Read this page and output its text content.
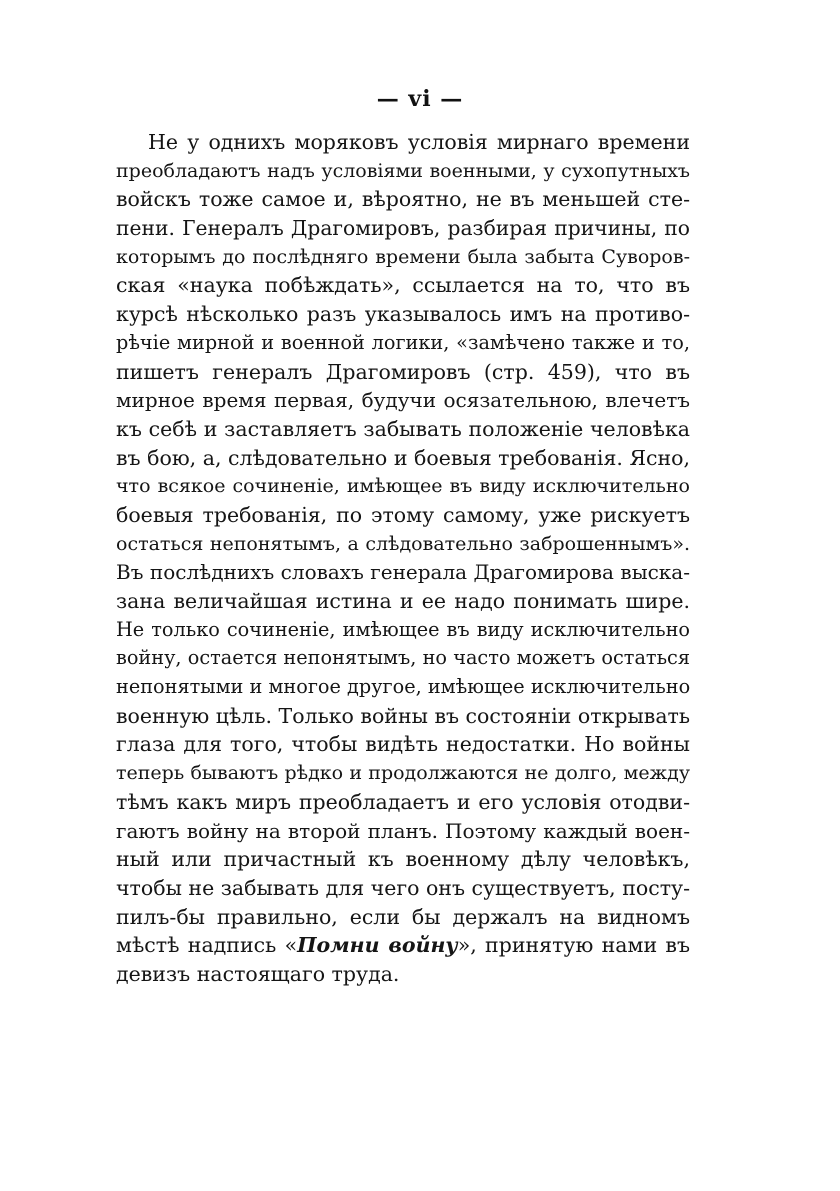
— vi —
Не у однихъ моряковъ условія мирнаго времени
преобладаютъ надъ условіями военными, у сухопутныхъ
войскъ тоже самое и, вѣроятно, не въ меньшей сте-
пени. Генералъ Драгомировъ, разбирая причины, по
которымъ до послѣдняго времени была забыта Суворов-
ская «наука побѣждать», ссылается на то, что въ
курсѣ нѣсколько разъ указывалось имъ на противо-
рѣчіе мирной и военной логики, «замѣчено также и то,
пишетъ генералъ Драгомировъ (стр. 459), что въ
мирное время первая, будучи осязательною, влечетъ
къ себѣ и заставляетъ забывать положеніе человѣка
въ бою, а, слѣдовательно и боевыя требованія. Ясно,
что всякое сочиненіе, имѣющее въ виду исключительно
боевыя требованія, по этому самому, уже рискуетъ
остаться непонятымъ, а слѣдовательно заброшеннымъ».
Въ послѣднихъ словахъ генерала Драгомирова выска-
зана величайшая истина и ее надо понимать шире.
Не только сочиненіе, имѣющее въ виду исключительно
войну, остается непонятымъ, но часто можетъ остаться
непонятыми и многое другое, имѣющее исключительно
военную цѣль. Только войны въ состояніи открывать
глаза для того, чтобы видѣть недостатки. Но войны
теперь бываютъ рѣдко и продолжаются не долго, между
тѣмъ какъ миръ преобладаетъ и его условія отодви-
гаютъ войну на второй планъ. Поэтому каждый воен-
ный или причастный къ военному дѣлу человѣкъ,
чтобы не забывать для чего онъ существуетъ, посту-
пилъ-бы правильно, если бы держалъ на видномъ
мѣстѣ надпись «Помни войну», принятую нами въ
девизъ настоящаго труда.
